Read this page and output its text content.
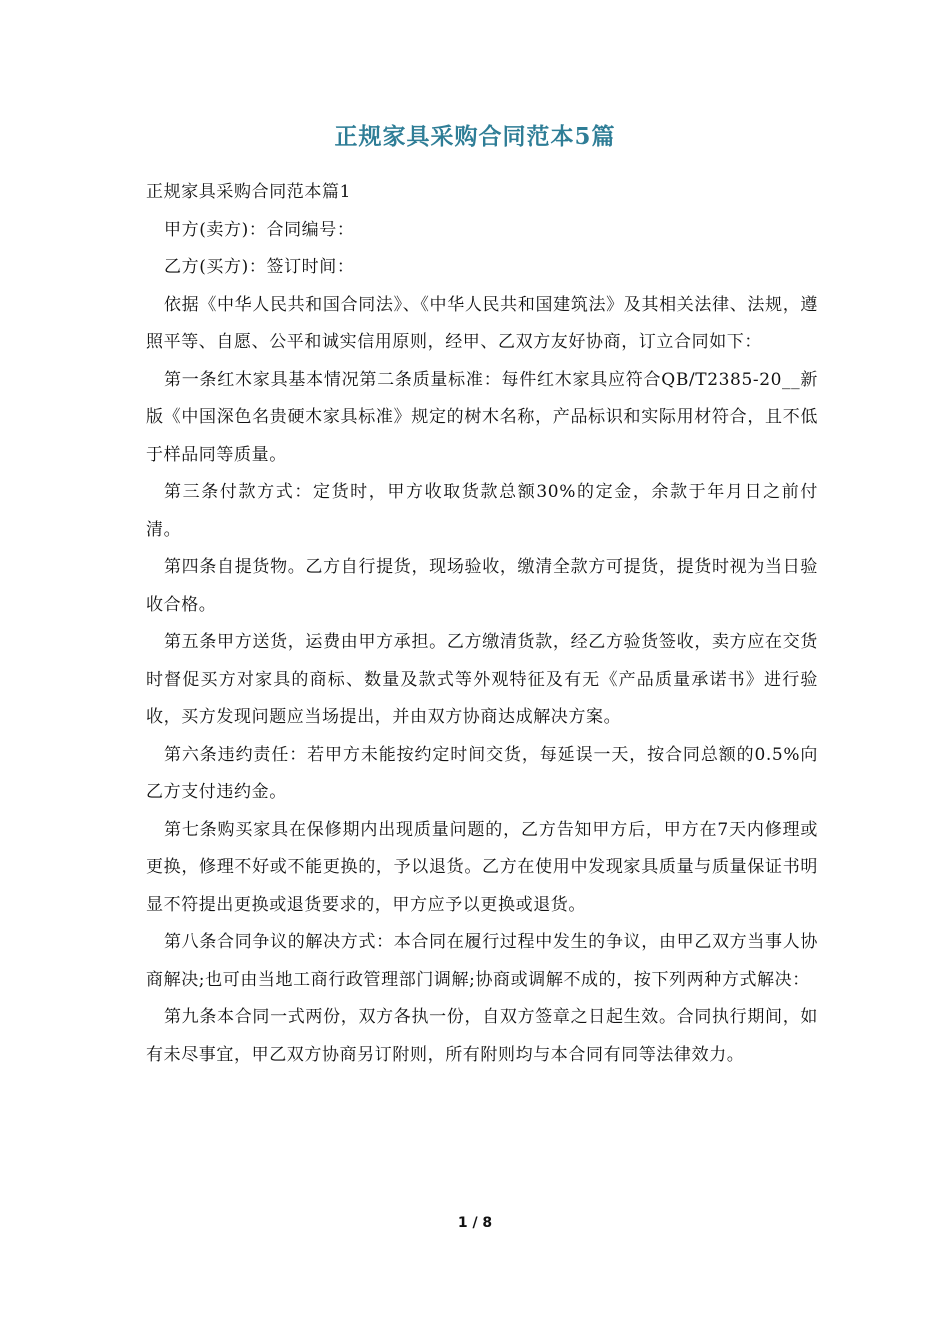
正规家具采购合同范本5篇

正规家具采购合同范本篇1

甲方(卖方)：合同编号：

乙方(买方)：签订时间：

依据《中华人民共和国合同法》、《中华人民共和国建筑法》及其相关法律、法规，遵照平等、自愿、公平和诚实信用原则，经甲、乙双方友好协商，订立合同如下：

第一条红木家具基本情况第二条质量标准：每件红木家具应符合QB/T2385-20__新版《中国深色名贵硬木家具标准》规定的树木名称，产品标识和实际用材符合，且不低于样品同等质量。

第三条付款方式：定货时，甲方收取货款总额30%的定金，余款于年月日之前付清。

第四条自提货物。乙方自行提货，现场验收，缴清全款方可提货，提货时视为当日验收合格。

第五条甲方送货，运费由甲方承担。乙方缴清货款，经乙方验货签收，卖方应在交货时督促买方对家具的商标、数量及款式等外观特征及有无《产品质量承诺书》进行验收，买方发现问题应当场提出，并由双方协商达成解决方案。

第六条违约责任：若甲方未能按约定时间交货，每延误一天，按合同总额的0.5%向乙方支付违约金。

第七条购买家具在保修期内出现质量问题的，乙方告知甲方后，甲方在7天内修理或更换，修理不好或不能更换的，予以退货。乙方在使用中发现家具质量与质量保证书明显不符提出更换或退货要求的，甲方应予以更换或退货。

第八条合同争议的解决方式：本合同在履行过程中发生的争议，由甲乙双方当事人协商解决;也可由当地工商行政管理部门调解;协商或调解不成的，按下列两种方式解决：

第九条本合同一式两份，双方各执一份，自双方签章之日起生效。合同执行期间，如有未尽事宜，甲乙双方协商另订附则，所有附则均与本合同有同等法律效力。

1 / 8
